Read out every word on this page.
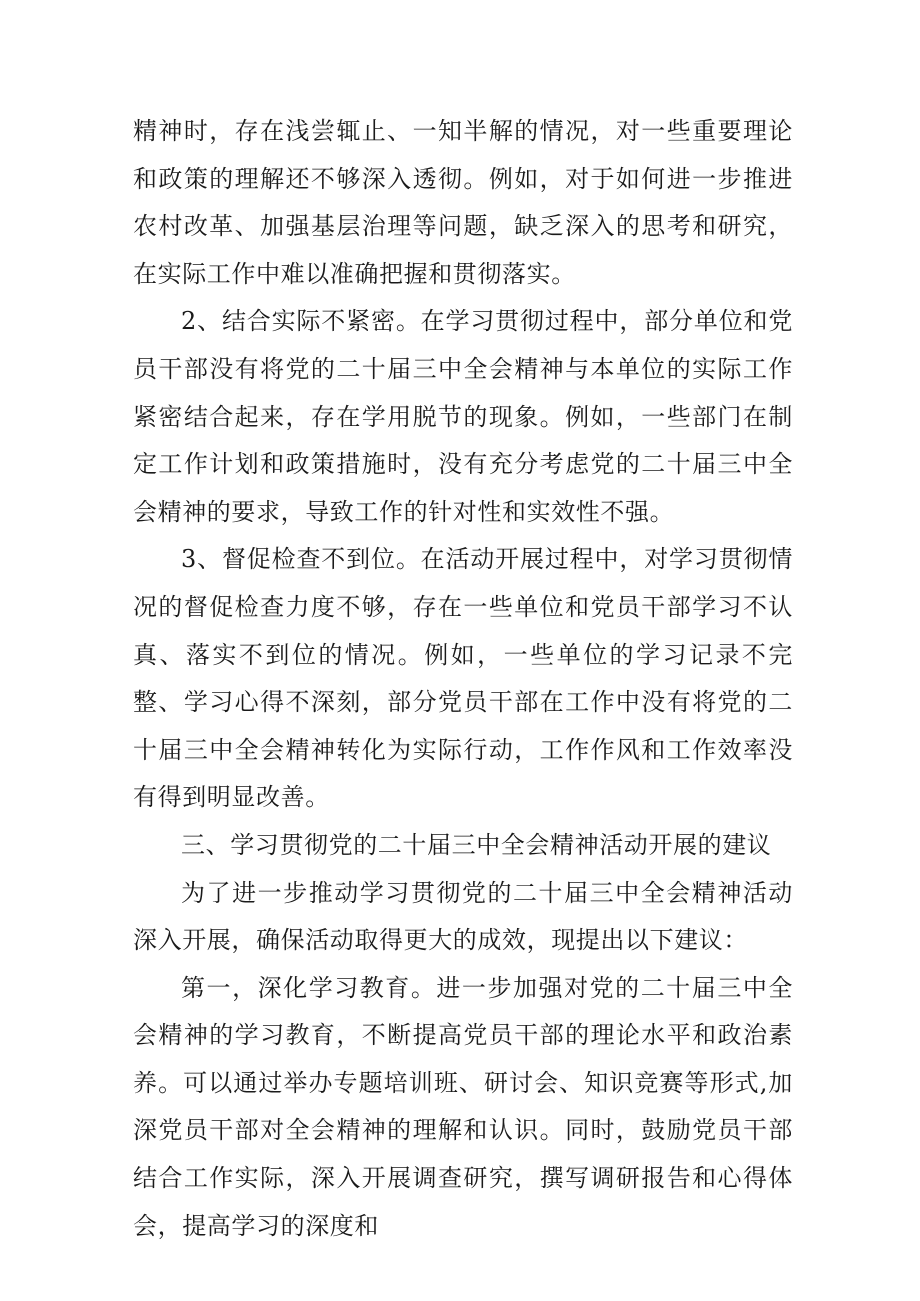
精神时，存在浅尝辄止、一知半解的情况，对一些重要理论和政策的理解还不够深入透彻。例如，对于如何进一步推进农村改革、加强基层治理等问题，缺乏深入的思考和研究，在实际工作中难以准确把握和贯彻落实。

2、结合实际不紧密。在学习贯彻过程中，部分单位和党员干部没有将党的二十届三中全会精神与本单位的实际工作紧密结合起来，存在学用脱节的现象。例如，一些部门在制定工作计划和政策措施时，没有充分考虑党的二十届三中全会精神的要求，导致工作的针对性和实效性不强。

3、督促检查不到位。在活动开展过程中，对学习贯彻情况的督促检查力度不够，存在一些单位和党员干部学习不认真、落实不到位的情况。例如，一些单位的学习记录不完整、学习心得不深刻，部分党员干部在工作中没有将党的二十届三中全会精神转化为实际行动，工作作风和工作效率没有得到明显改善。

三、学习贯彻党的二十届三中全会精神活动开展的建议

为了进一步推动学习贯彻党的二十届三中全会精神活动深入开展，确保活动取得更大的成效，现提出以下建议：

第一，深化学习教育。进一步加强对党的二十届三中全会精神的学习教育，不断提高党员干部的理论水平和政治素养。可以通过举办专题培训班、研讨会、知识竞赛等形式,加深党员干部对全会精神的理解和认识。同时，鼓励党员干部结合工作实际，深入开展调查研究，撰写调研报告和心得体会，提高学习的深度和
